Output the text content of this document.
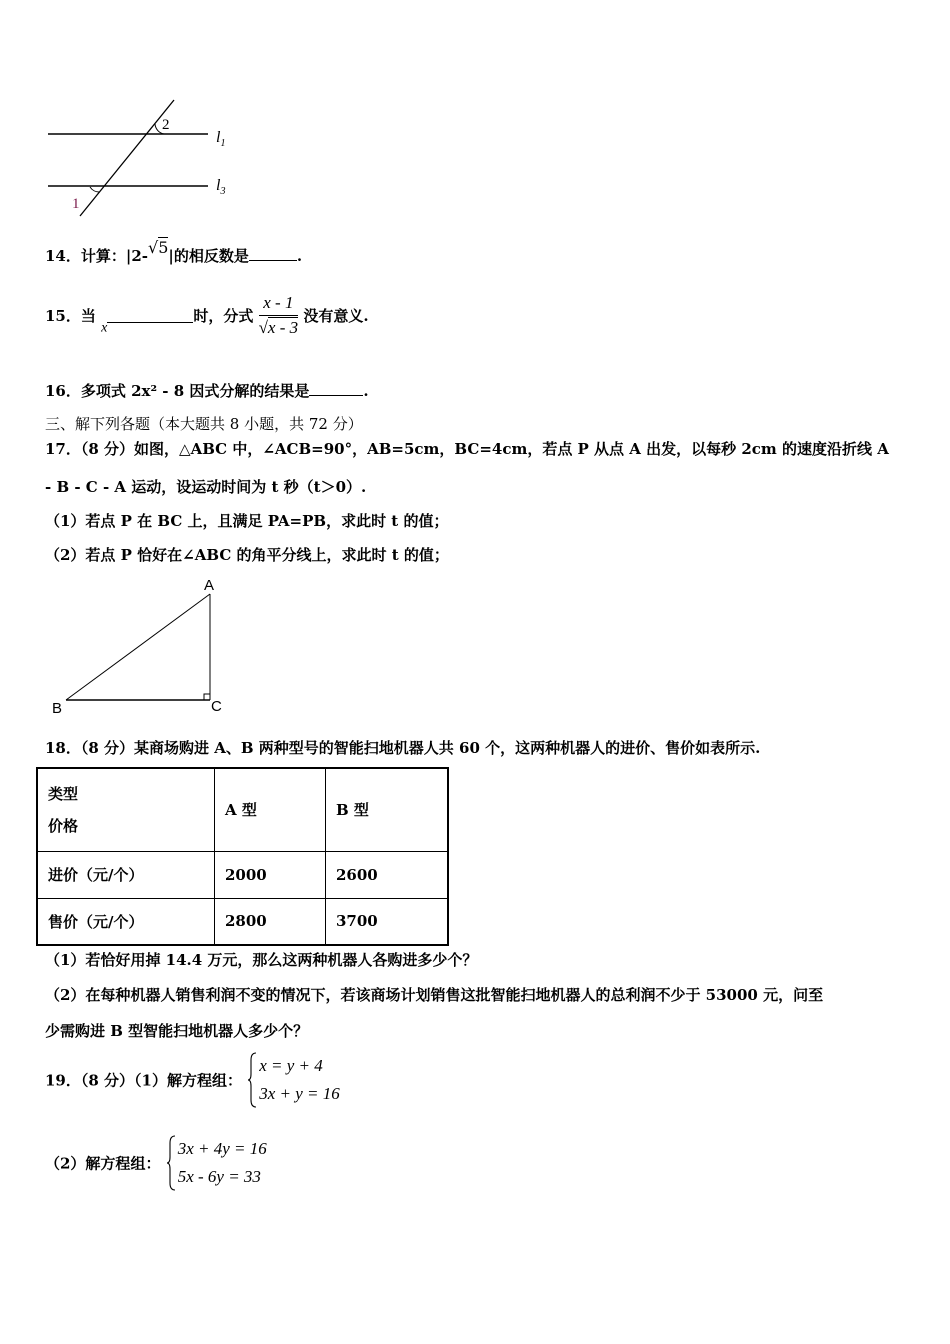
2
1
$l_1$
$l_3$
14．计算：|2-√5|的相反数是	.
15．当 x时，分式 $\frac{x - 1}{√x - 3}$ 没有意义.
16．多项式 2x² - 8 因式分解的结果是	.
三、解下列各题（本大题共 8 小题，共 72 分）
17．（8 分）如图，△ABC 中，∠ACB=90°，AB=5cm，BC=4cm，若点 P 从点 A 出发，以每秒 2cm 的速度沿折线 A
- B - C - A 运动，设运动时间为 t 秒（t＞0）.
（1）若点 P 在 BC 上，且满足 PA=PB，求此时 t 的值；
（2）若点 P 恰好在∠ABC 的角平分线上，求此时 t 的值；
A
B	C
18．（8 分）某商场购进 A、B 两种型号的智能扫地机器人共 60 个，这两种机器人的进价、售价如表所示.
类型
价格	A 型	B 型
进价（元/个）	2000	2600
售价（元/个）	2800	3700
（1）若恰好用掉 14.4 万元，那么这两种机器人各购进多少个？
（2）在每种机器人销售利润不变的情况下，若该商场计划销售这批智能扫地机器人的总利润不少于 53000 元，问至
少需购进 B 型智能扫地机器人多少个？
19．（8 分）（1）解方程组：
x = y + 4
3x + y = 16
（2）解方程组：
3x + 4y = 16
5x - 6y = 33
